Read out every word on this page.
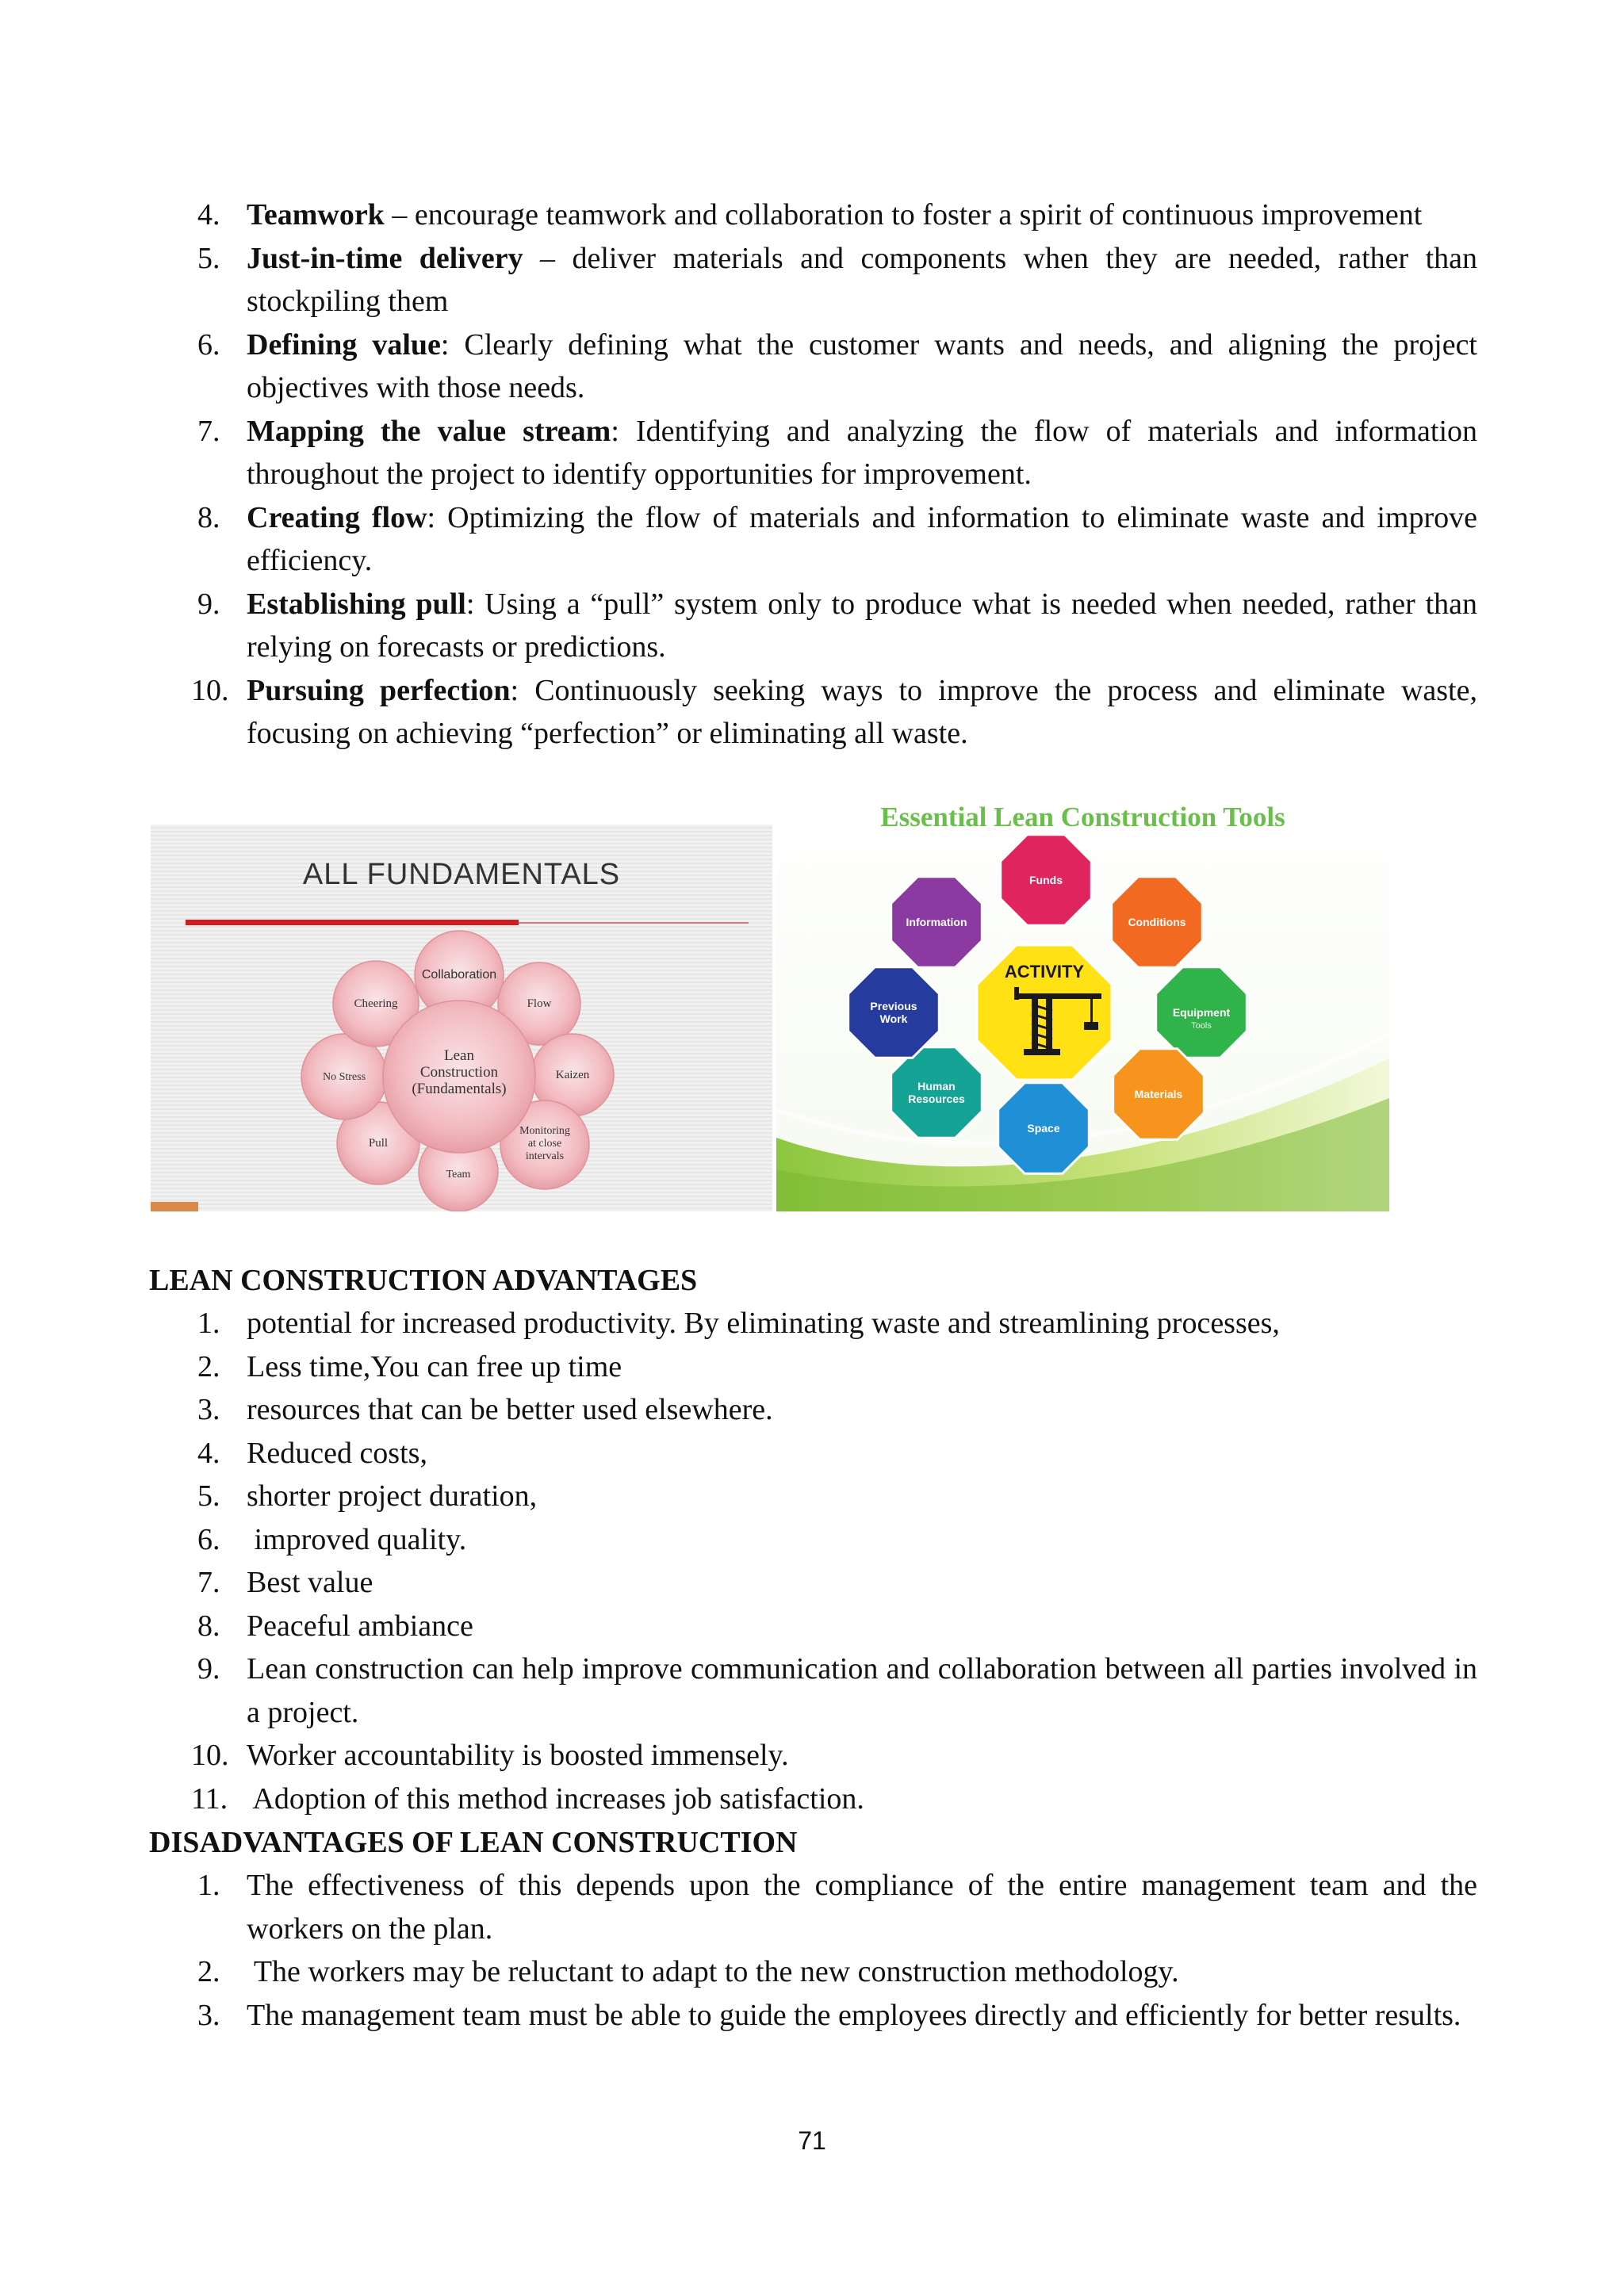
4. Teamwork – encourage teamwork and collaboration to foster a spirit of continuous improvement
5. Just-in-time delivery – deliver materials and components when they are needed, rather than stockpiling them
6. Defining value: Clearly defining what the customer wants and needs, and aligning the project objectives with those needs.
7. Mapping the value stream: Identifying and analyzing the flow of materials and information throughout the project to identify opportunities for improvement.
8. Creating flow: Optimizing the flow of materials and information to eliminate waste and improve efficiency.
9. Establishing pull: Using a “pull” system only to produce what is needed when needed, rather than relying on forecasts or predictions.
10. Pursuing perfection: Continuously seeking ways to improve the process and eliminate waste, focusing on achieving “perfection” or eliminating all waste.
ALL FUNDAMENTALS
Collaboration
Flow
Kaizen
Monitoring
at close
intervals
Team
Pull
No Stress
Cheering
Lean
Construction
(Fundamentals)
Essential Lean Construction Tools
Funds
Conditions
Equipment
Tools
Materials
Space
Human
Resources
Previous
Work
Information
ACTIVITY
LEAN CONSTRUCTION ADVANTAGES
1. potential for increased productivity. By eliminating waste and streamlining processes,
2. Less time,You can free up time
3. resources that can be better used elsewhere.
4. Reduced costs,
5. shorter project duration,
6. improved quality.
7. Best value
8. Peaceful ambiance
9. Lean construction can help improve communication and collaboration between all parties involved in a project.
10. Worker accountability is boosted immensely.
11. Adoption of this method increases job satisfaction.
DISADVANTAGES OF LEAN CONSTRUCTION
1. The effectiveness of this depends upon the compliance of the entire management team and the workers on the plan.
2. The workers may be reluctant to adapt to the new construction methodology.
3. The management team must be able to guide the employees directly and efficiently for better results.
71
